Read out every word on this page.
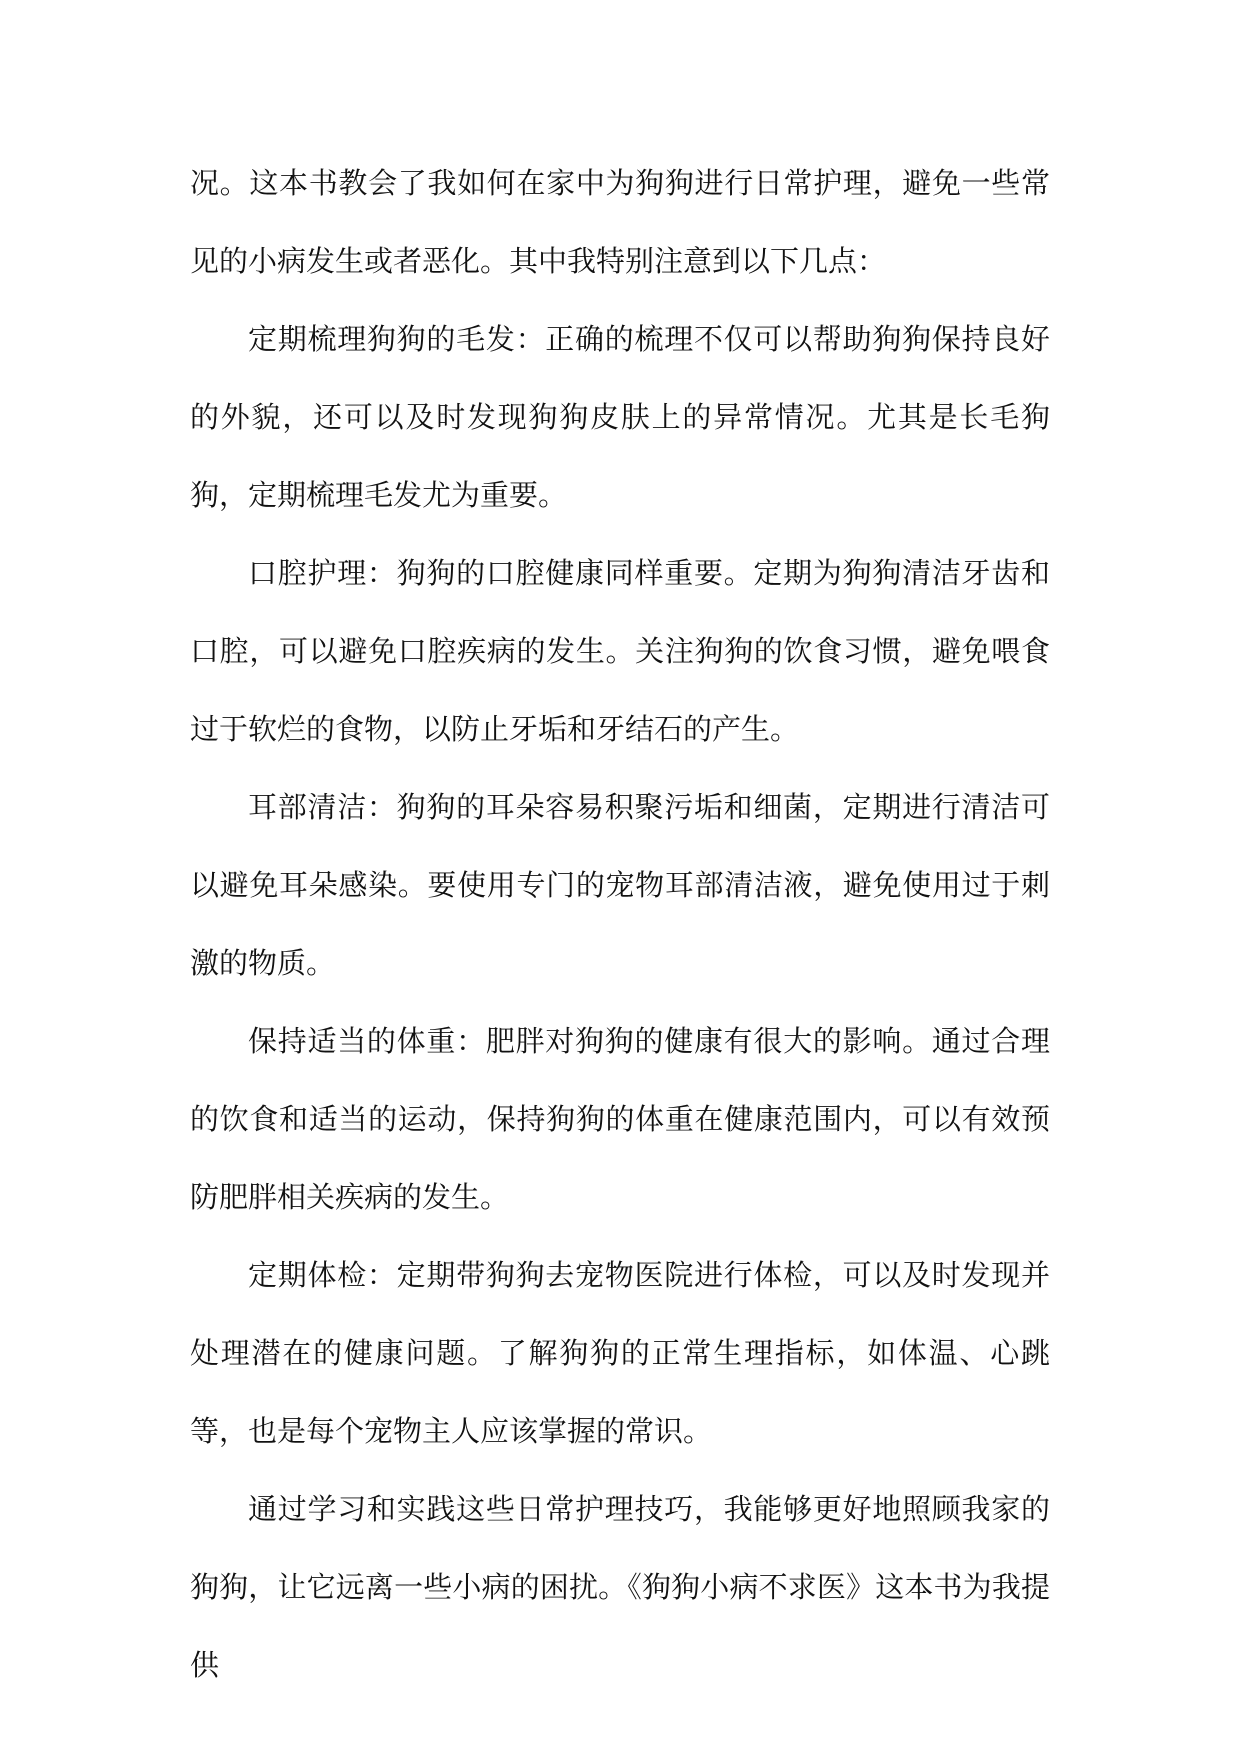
况。这本书教会了我如何在家中为狗狗进行日常护理，避免一些常见的小病发生或者恶化。其中我特别注意到以下几点：

定期梳理狗狗的毛发：正确的梳理不仅可以帮助狗狗保持良好的外貌，还可以及时发现狗狗皮肤上的异常情况。尤其是长毛狗狗，定期梳理毛发尤为重要。

口腔护理：狗狗的口腔健康同样重要。定期为狗狗清洁牙齿和口腔，可以避免口腔疾病的发生。关注狗狗的饮食习惯，避免喂食过于软烂的食物，以防止牙垢和牙结石的产生。

耳部清洁：狗狗的耳朵容易积聚污垢和细菌，定期进行清洁可以避免耳朵感染。要使用专门的宠物耳部清洁液，避免使用过于刺激的物质。

保持适当的体重：肥胖对狗狗的健康有很大的影响。通过合理的饮食和适当的运动，保持狗狗的体重在健康范围内，可以有效预防肥胖相关疾病的发生。

定期体检：定期带狗狗去宠物医院进行体检，可以及时发现并处理潜在的健康问题。了解狗狗的正常生理指标，如体温、心跳等，也是每个宠物主人应该掌握的常识。

通过学习和实践这些日常护理技巧，我能够更好地照顾我家的狗狗，让它远离一些小病的困扰。《狗狗小病不求医》这本书为我提供
